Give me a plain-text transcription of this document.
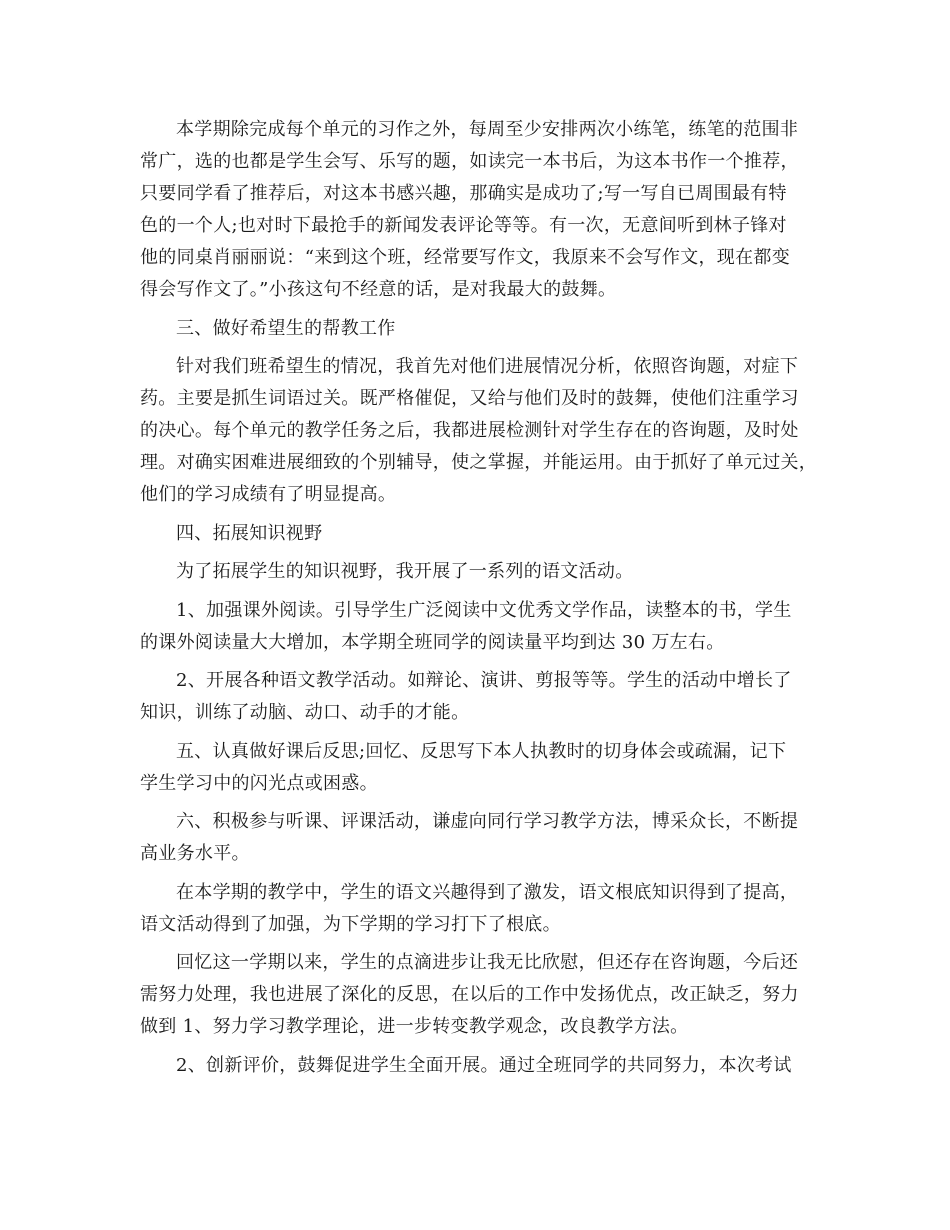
本学期除完成每个单元的习作之外，每周至少安排两次小练笔，练笔的范围非
常广，选的也都是学生会写、乐写的题，如读完一本书后，为这本书作一个推荐，
只要同学看了推荐后，对这本书感兴趣，那确实是成功了;写一写自已周围最有特
色的一个人;也对时下最抢手的新闻发表评论等等。有一次，无意间听到林子锋对
他的同桌肖丽丽说：“来到这个班，经常要写作文，我原来不会写作文，现在都变
得会写作文了。”小孩这句不经意的话，是对我最大的鼓舞。
三、做好希望生的帮教工作
针对我们班希望生的情况，我首先对他们进展情况分析，依照咨询题，对症下
药。主要是抓生词语过关。既严格催促，又给与他们及时的鼓舞，使他们注重学习
的决心。每个单元的教学任务之后，我都进展检测针对学生存在的咨询题，及时处
理。对确实困难进展细致的个别辅导，使之掌握，并能运用。由于抓好了单元过关，
他们的学习成绩有了明显提高。
四、拓展知识视野
为了拓展学生的知识视野，我开展了一系列的语文活动。
1、加强课外阅读。引导学生广泛阅读中文优秀文学作品，读整本的书，学生
的课外阅读量大大增加，本学期全班同学的阅读量平均到达 30 万左右。
2、开展各种语文教学活动。如辩论、演讲、剪报等等。学生的活动中增长了
知识，训练了动脑、动口、动手的才能。
五、认真做好课后反思;回忆、反思写下本人执教时的切身体会或疏漏，记下
学生学习中的闪光点或困惑。
六、积极参与听课、评课活动，谦虚向同行学习教学方法，博采众长，不断提
高业务水平。
在本学期的教学中，学生的语文兴趣得到了激发，语文根底知识得到了提高，
语文活动得到了加强，为下学期的学习打下了根底。
回忆这一学期以来，学生的点滴进步让我无比欣慰，但还存在咨询题，今后还
需努力处理，我也进展了深化的反思，在以后的工作中发扬优点，改正缺乏，努力
做到 1、努力学习教学理论，进一步转变教学观念，改良教学方法。
2、创新评价，鼓舞促进学生全面开展。通过全班同学的共同努力，本次考试
